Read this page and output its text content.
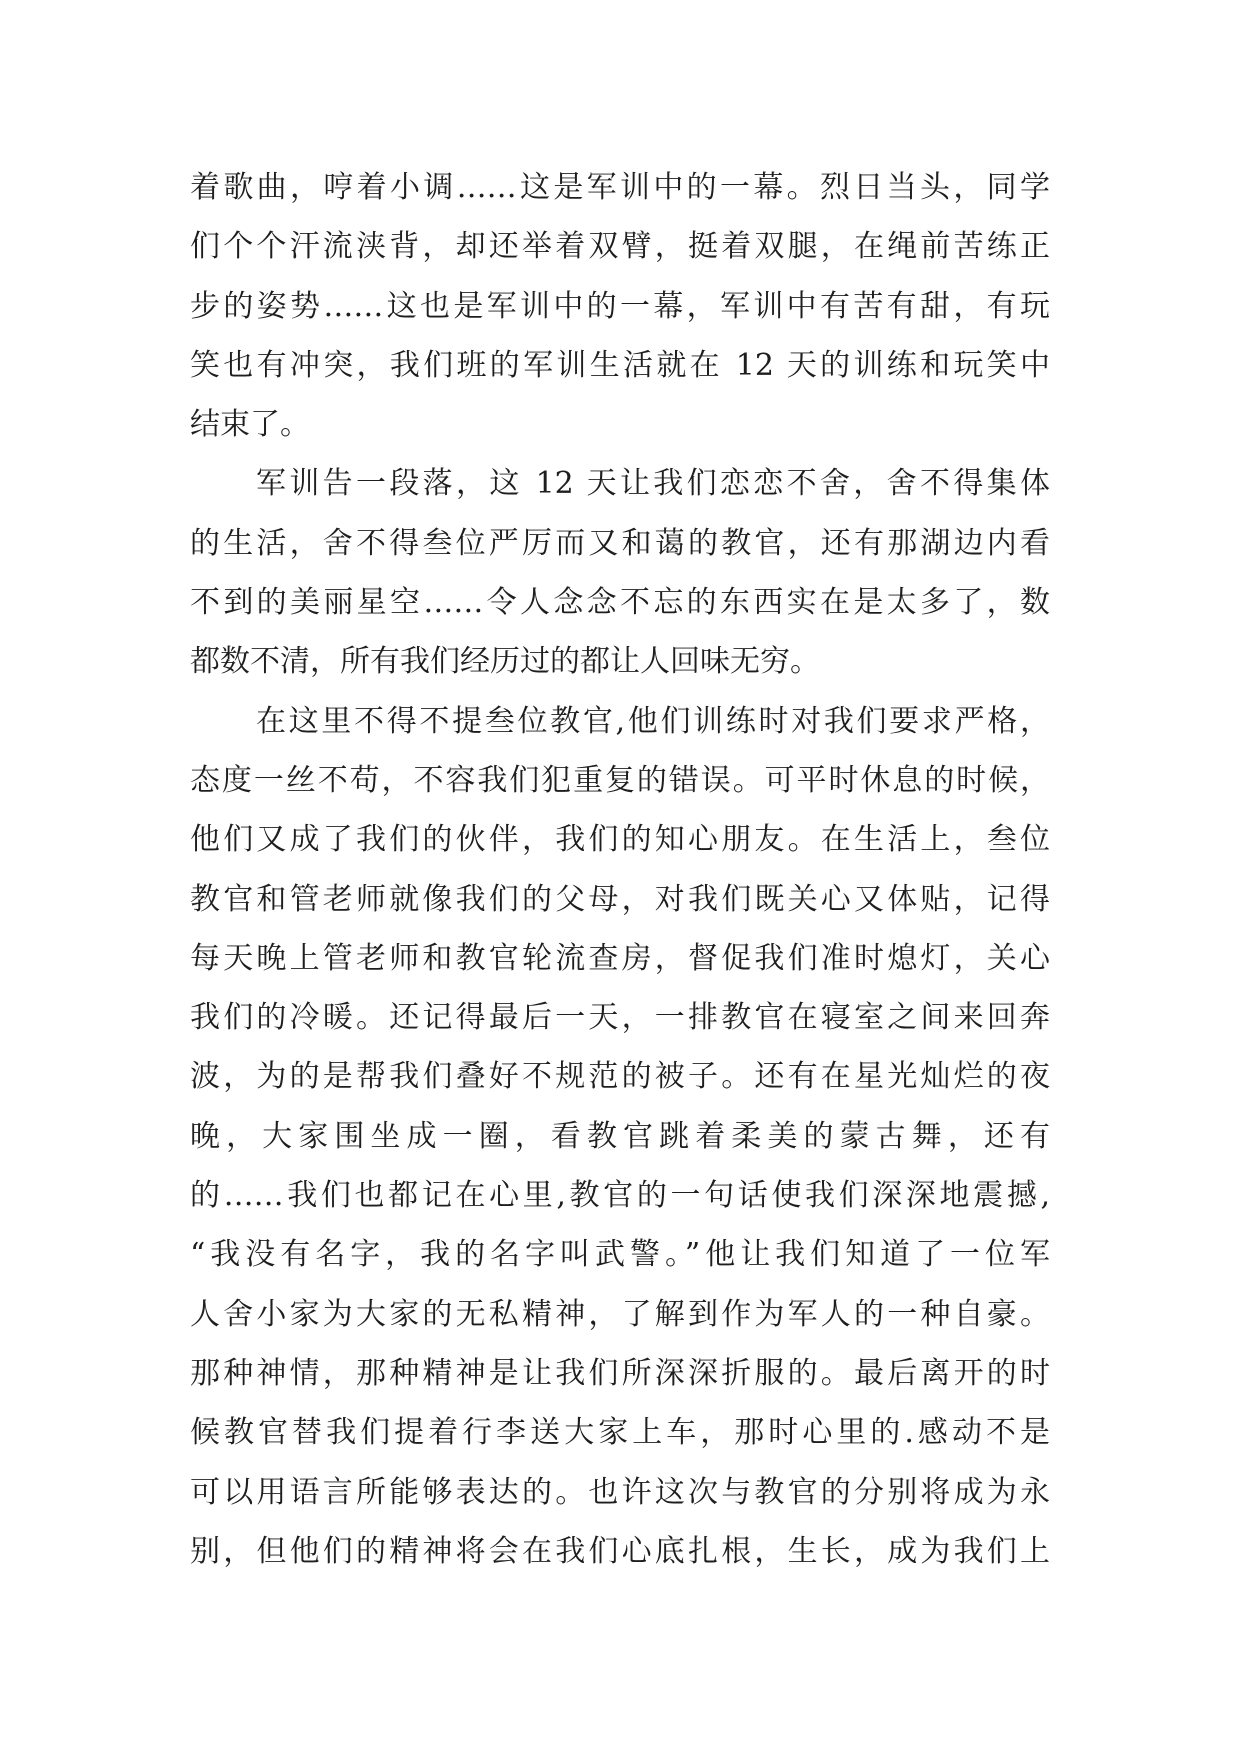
着歌曲，哼着小调……这是军训中的一幕。烈日当头，同学
们个个汗流浃背，却还举着双臂，挺着双腿，在绳前苦练正
步的姿势……这也是军训中的一幕，军训中有苦有甜，有玩
笑也有冲突，我们班的军训生活就在 12 天的训练和玩笑中
结束了。
军训告一段落，这 12 天让我们恋恋不舍，舍不得集体
的生活，舍不得叁位严厉而又和蔼的教官，还有那湖边内看
不到的美丽星空……令人念念不忘的东西实在是太多了，数
都数不清，所有我们经历过的都让人回味无穷。
在这里不得不提叁位教官,他们训练时对我们要求严格，
态度一丝不苟，不容我们犯重复的错误。可平时休息的时候，
他们又成了我们的伙伴，我们的知心朋友。在生活上，叁位
教官和管老师就像我们的父母，对我们既关心又体贴，记得
每天晚上管老师和教官轮流查房，督促我们准时熄灯，关心
我们的冷暖。还记得最后一天，一排教官在寝室之间来回奔
波，为的是帮我们叠好不规范的被子。还有在星光灿烂的夜
晚，大家围坐成一圈，看教官跳着柔美的蒙古舞，还有
的……我们也都记在心里,教官的一句话使我们深深地震撼,
“我没有名字，我的名字叫武警。”他让我们知道了一位军
人舍小家为大家的无私精神，了解到作为军人的一种自豪。
那种神情，那种精神是让我们所深深折服的。最后离开的时
候教官替我们提着行李送大家上车，那时心里的.感动不是
可以用语言所能够表达的。也许这次与教官的分别将成为永
别，但他们的精神将会在我们心底扎根，生长，成为我们上
